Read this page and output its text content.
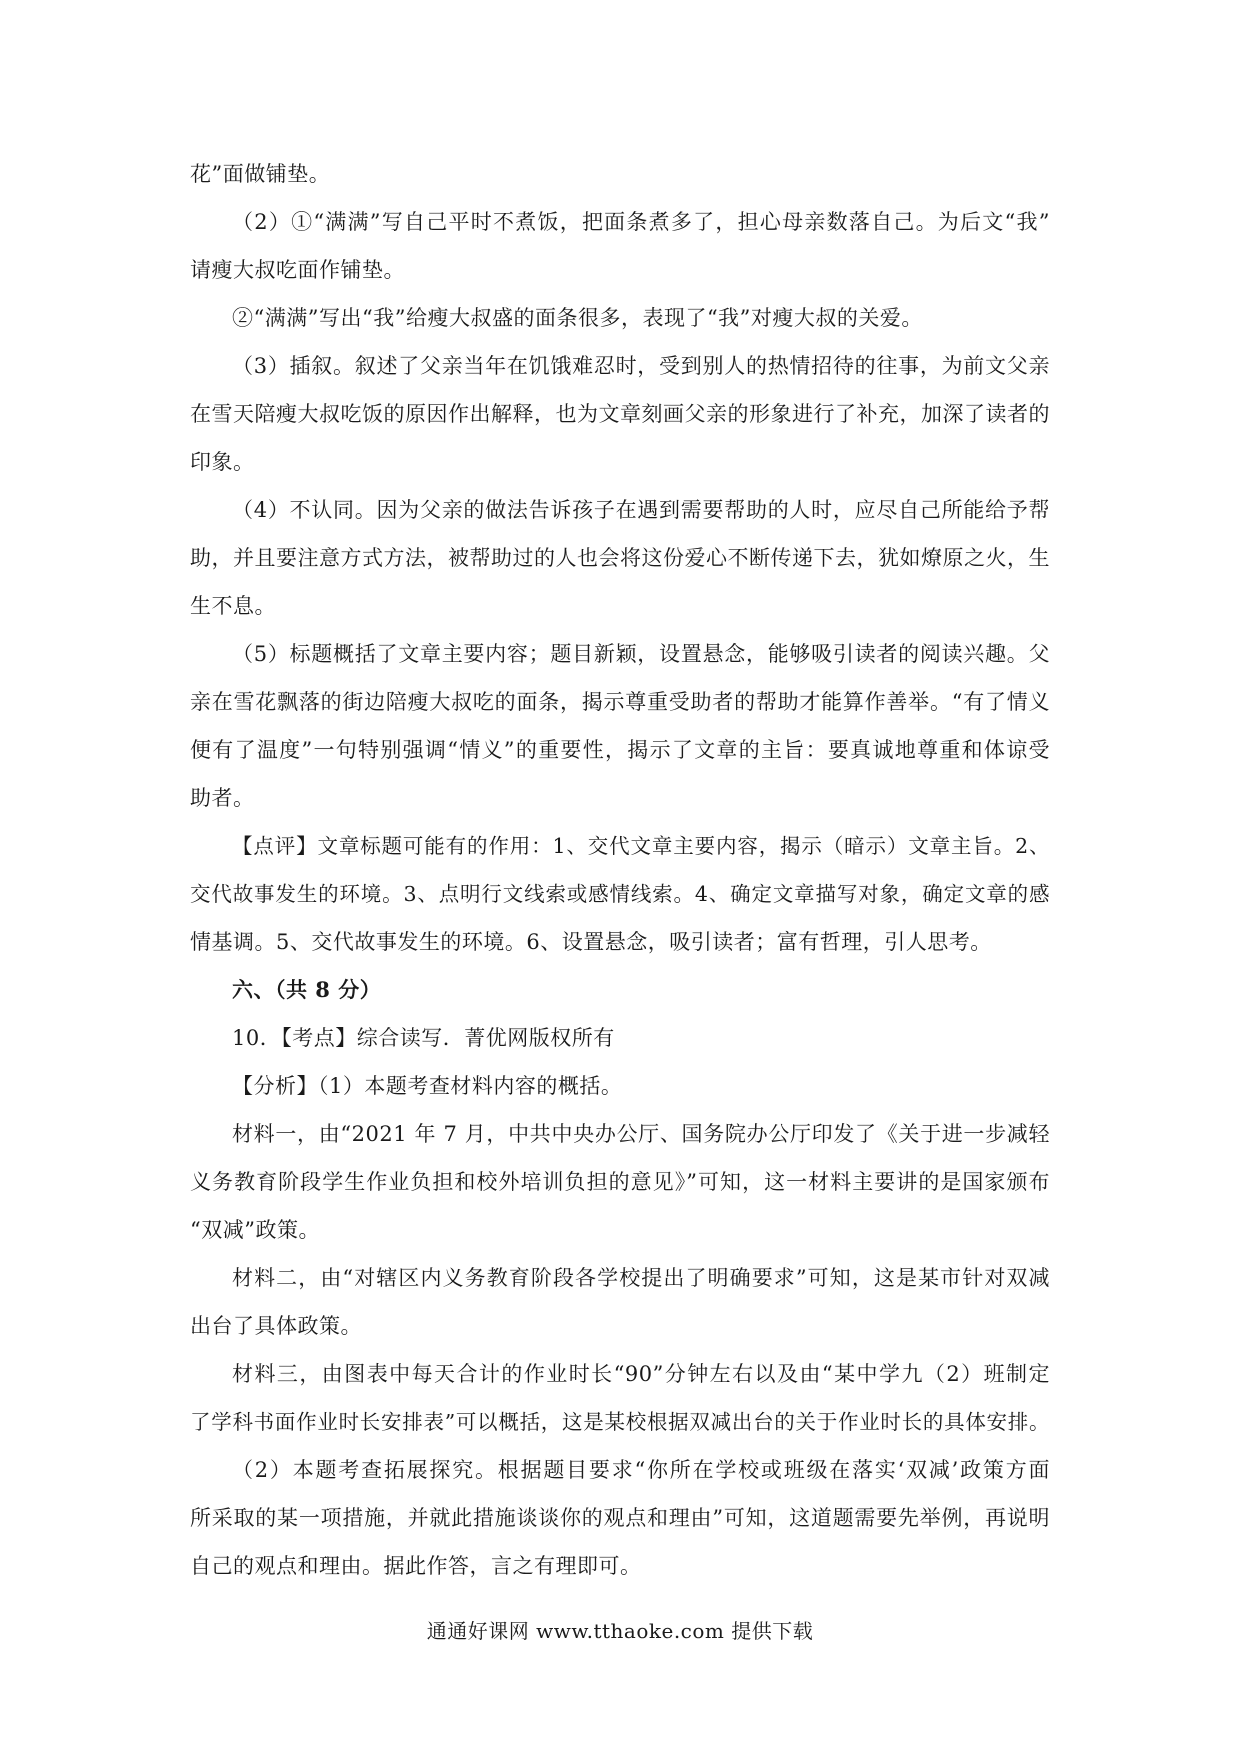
花”面做铺垫。
（2）①“满满”写自己平时不煮饭，把面条煮多了，担心母亲数落自己。为后文“我”
请瘦大叔吃面作铺垫。
②“满满”写出“我”给瘦大叔盛的面条很多，表现了“我”对瘦大叔的关爱。
（3）插叙。叙述了父亲当年在饥饿难忍时，受到别人的热情招待的往事，为前文父亲
在雪天陪瘦大叔吃饭的原因作出解释，也为文章刻画父亲的形象进行了补充，加深了读者的
印象。
（4）不认同。因为父亲的做法告诉孩子在遇到需要帮助的人时，应尽自己所能给予帮
助，并且要注意方式方法，被帮助过的人也会将这份爱心不断传递下去，犹如燎原之火，生
生不息。
（5）标题概括了文章主要内容；题目新颖，设置悬念，能够吸引读者的阅读兴趣。父
亲在雪花飘落的街边陪瘦大叔吃的面条，揭示尊重受助者的帮助才能算作善举。“有了情义
便有了温度”一句特别强调“情义”的重要性，揭示了文章的主旨：要真诚地尊重和体谅受
助者。
【点评】文章标题可能有的作用：1、交代文章主要内容，揭示（暗示）文章主旨。2、
交代故事发生的环境。3、点明行文线索或感情线索。4、确定文章描写对象，确定文章的感
情基调。5、交代故事发生的环境。6、设置悬念，吸引读者；富有哲理，引人思考。
六、（共 8 分）
10．【考点】综合读写．菁优网版权所有
【分析】（1）本题考查材料内容的概括。
材料一，由“2021 年 7 月，中共中央办公厅、国务院办公厅印发了《关于进一步减轻
义务教育阶段学生作业负担和校外培训负担的意见》”可知，这一材料主要讲的是国家颁布
“双减”政策。
材料二，由“对辖区内义务教育阶段各学校提出了明确要求”可知，这是某市针对双减
出台了具体政策。
材料三，由图表中每天合计的作业时长“90”分钟左右以及由“某中学九（2）班制定
了学科书面作业时长安排表”可以概括，这是某校根据双减出台的关于作业时长的具体安排。
（2）本题考查拓展探究。根据题目要求“你所在学校或班级在落实‘双减’政策方面
所采取的某一项措施，并就此措施谈谈你的观点和理由”可知，这道题需要先举例，再说明
自己的观点和理由。据此作答，言之有理即可。
通通好课网 www.tthaoke.com 提供下载
